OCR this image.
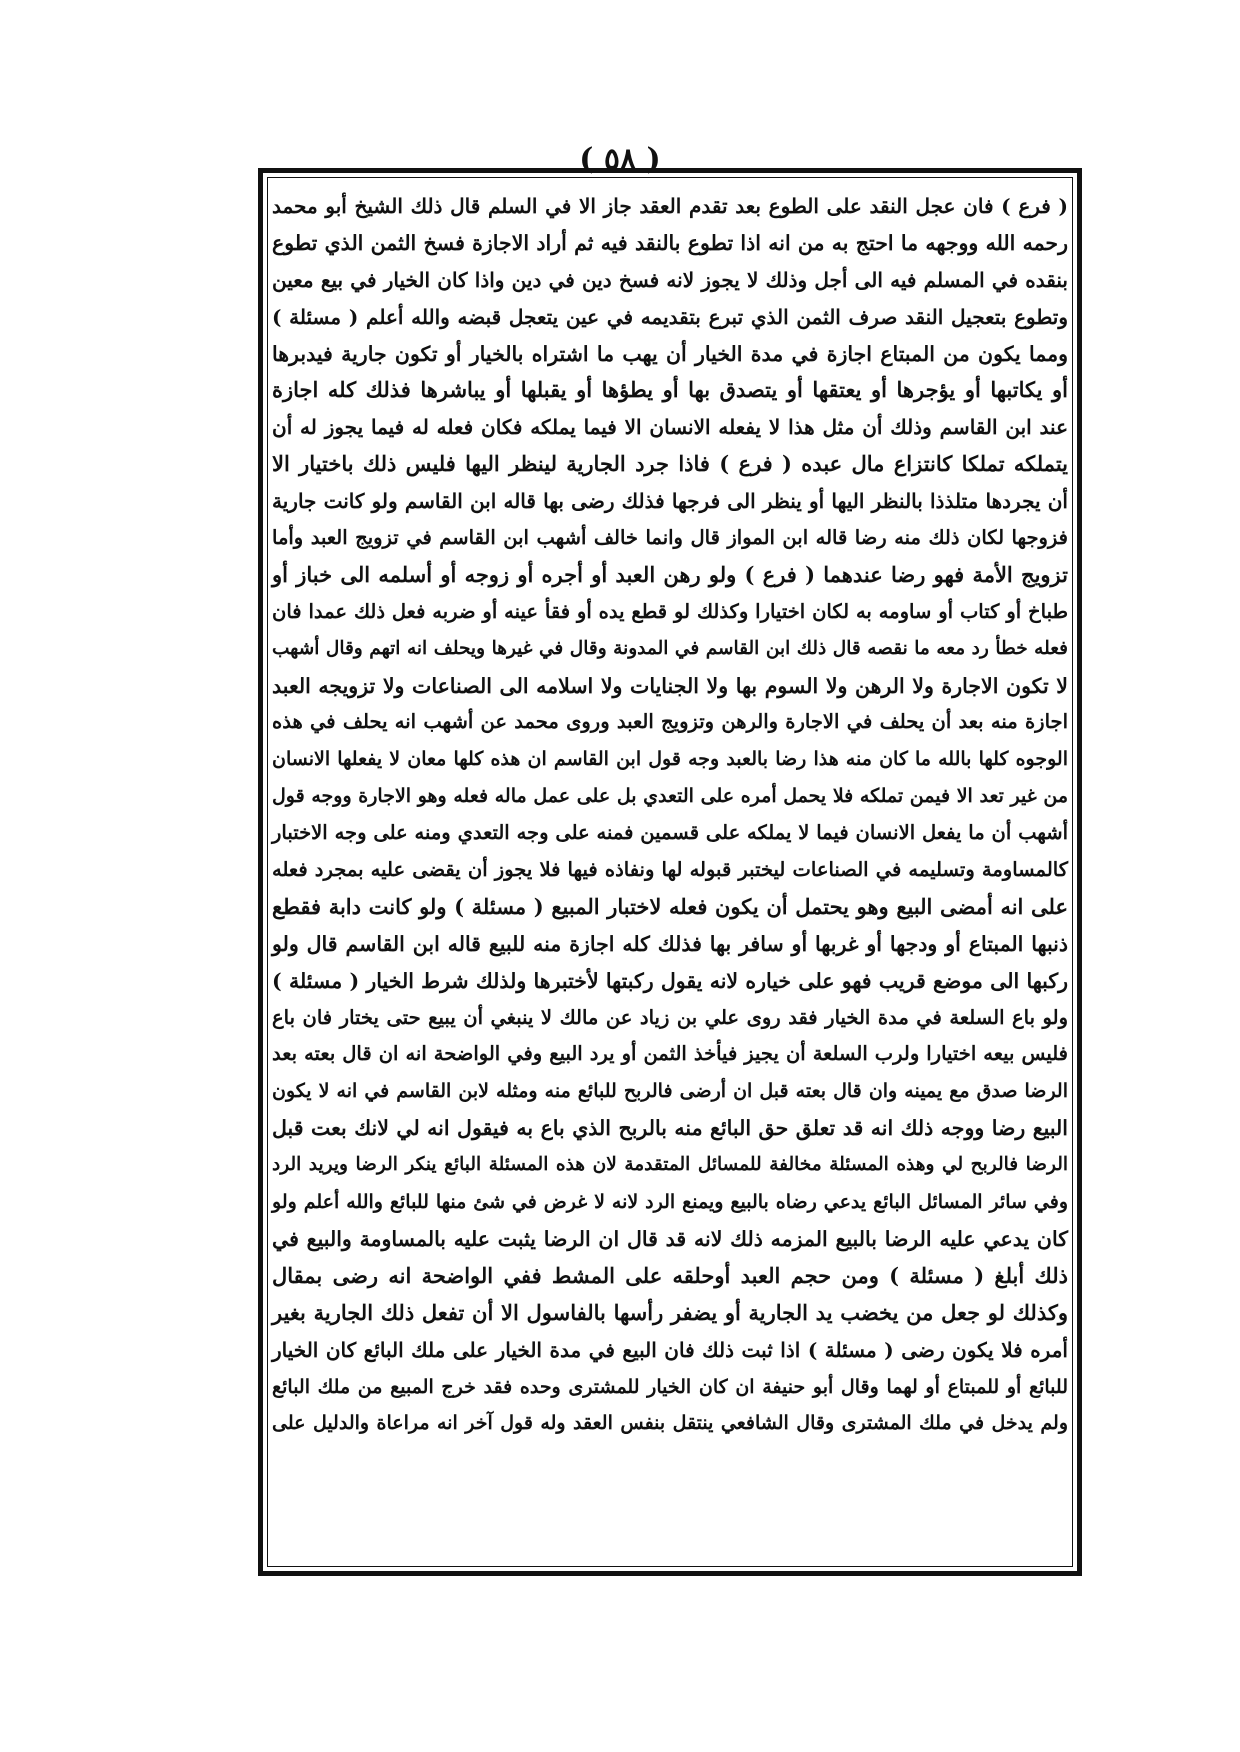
( ٥٨ )
( فرع ) فان عجل النقد على الطوع بعد تقدم العقد جاز الا في السلم قال ذلك الشيخ أبو محمد
رحمه الله ووجهه ما احتج به من انه اذا تطوع بالنقد فيه ثم أراد الاجازة فسخ الثمن الذي تطوع
بنقده في المسلم فيه الى أجل وذلك لا يجوز لانه فسخ دين في دين واذا كان الخيار في بيع معين
وتطوع بتعجيل النقد صرف الثمن الذي تبرع بتقديمه في عين يتعجل قبضه والله أعلم ( مسئلة )
ومما يكون من المبتاع اجازة في مدة الخيار أن يهب ما اشتراه بالخيار أو تكون جارية فيدبرها
أو يكاتبها أو يؤجرها أو يعتقها أو يتصدق بها أو يطؤها أو يقبلها أو يباشرها فذلك كله اجازة
عند ابن القاسم وذلك أن مثل هذا لا يفعله الانسان الا فيما يملكه فكان فعله له فيما يجوز له أن
يتملكه تملكا كانتزاع مال عبده ( فرع ) فاذا جرد الجارية لينظر اليها فليس ذلك باختيار الا
أن يجردها متلذذا بالنظر اليها أو ينظر الى فرجها فذلك رضى بها قاله ابن القاسم ولو كانت جارية
فزوجها لكان ذلك منه رضا قاله ابن المواز قال وانما خالف أشهب ابن القاسم في تزويج العبد وأما
تزويج الأمة فهو رضا عندهما ( فرع ) ولو رهن العبد أو أجره أو زوجه أو أسلمه الى خباز أو
طباخ أو كتاب أو ساومه به لكان اختيارا وكذلك لو قطع يده أو فقأ عينه أو ضربه فعل ذلك عمدا فان
فعله خطأ رد معه ما نقصه قال ذلك ابن القاسم في المدونة وقال في غيرها ويحلف انه اتهم وقال أشهب
لا تكون الاجارة ولا الرهن ولا السوم بها ولا الجنايات ولا اسلامه الى الصناعات ولا تزويجه العبد
اجازة منه بعد أن يحلف في الاجارة والرهن وتزويج العبد وروى محمد عن أشهب انه يحلف في هذه
الوجوه كلها بالله ما كان منه هذا رضا بالعبد وجه قول ابن القاسم ان هذه كلها معان لا يفعلها الانسان
من غير تعد الا فيمن تملكه فلا يحمل أمره على التعدي بل على عمل ماله فعله وهو الاجارة ووجه قول
أشهب أن ما يفعل الانسان فيما لا يملكه على قسمين فمنه على وجه التعدي ومنه على وجه الاختبار
كالمساومة وتسليمه في الصناعات ليختبر قبوله لها ونفاذه فيها فلا يجوز أن يقضى عليه بمجرد فعله
على انه أمضى البيع وهو يحتمل أن يكون فعله لاختبار المبيع ( مسئلة ) ولو كانت دابة فقطع
ذنبها المبتاع أو ودجها أو غربها أو سافر بها فذلك كله اجازة منه للبيع قاله ابن القاسم قال ولو
ركبها الى موضع قريب فهو على خياره لانه يقول ركبتها لأختبرها ولذلك شرط الخيار ( مسئلة )
ولو باع السلعة في مدة الخيار فقد روى علي بن زياد عن مالك لا ينبغي أن يبيع حتى يختار فان باع
فليس بيعه اختيارا ولرب السلعة أن يجيز فيأخذ الثمن أو يرد البيع وفي الواضحة انه ان قال بعته بعد
الرضا صدق مع يمينه وان قال بعته قبل ان أرضى فالربح للبائع منه ومثله لابن القاسم في انه لا يكون
البيع رضا ووجه ذلك انه قد تعلق حق البائع منه بالربح الذي باع به فيقول انه لي لانك بعت قبل
الرضا فالربح لي وهذه المسئلة مخالفة للمسائل المتقدمة لان هذه المسئلة البائع ينكر الرضا ويريد الرد
وفي سائر المسائل البائع يدعي رضاه بالبيع ويمنع الرد لانه لا غرض في شئ منها للبائع والله أعلم ولو
كان يدعي عليه الرضا بالبيع المزمه ذلك لانه قد قال ان الرضا يثبت عليه بالمساومة والبيع في
ذلك أبلغ ( مسئلة ) ومن حجم العبد أوحلقه على المشط ففي الواضحة انه رضى بمقال
وكذلك لو جعل من يخضب يد الجارية أو يضفر رأسها بالفاسول الا أن تفعل ذلك الجارية بغير
أمره فلا يكون رضى ( مسئلة ) اذا ثبت ذلك فان البيع في مدة الخيار على ملك البائع كان الخيار
للبائع أو للمبتاع أو لهما وقال أبو حنيفة ان كان الخيار للمشترى وحده فقد خرج المبيع من ملك البائع
ولم يدخل في ملك المشترى وقال الشافعي ينتقل بنفس العقد وله قول آخر انه مراعاة والدليل على
